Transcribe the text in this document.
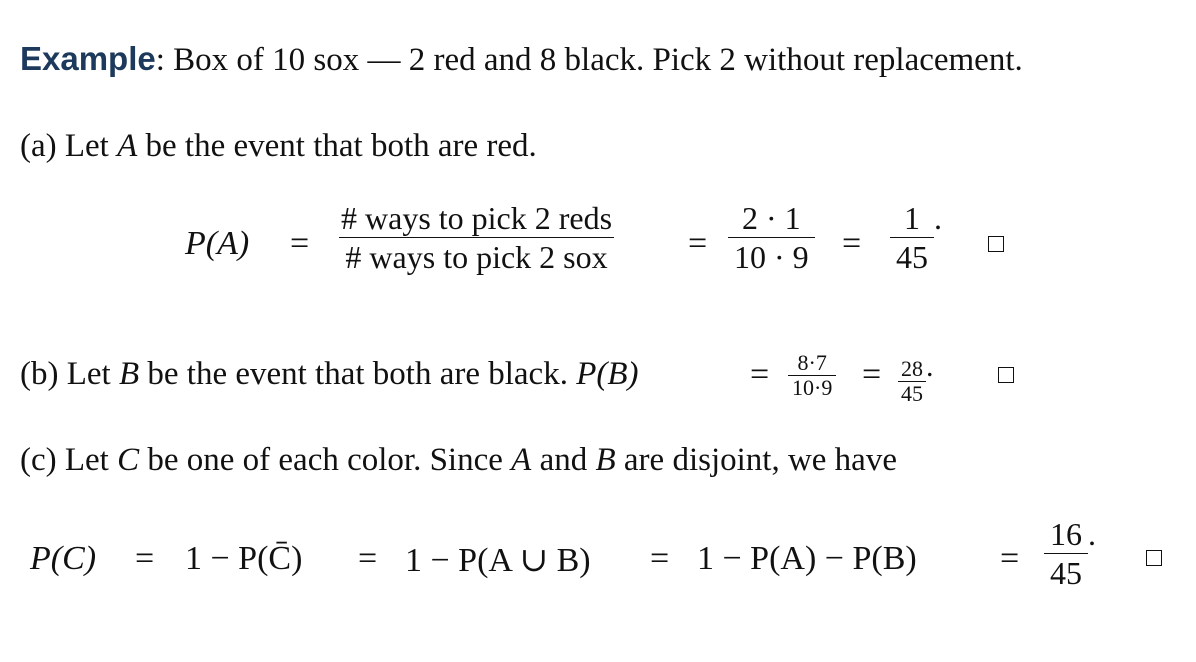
Example: Box of 10 sox — 2 red and 8 black. Pick 2 without replacement.
(a) Let A be the event that both are red.
$P(A) = \frac{\text{\# ways to pick 2 reds}}{\text{\# ways to pick 2 sox}} = \frac{2 \cdot 1}{10 \cdot 9} = \frac{1}{45}$ .
(b) Let B be the event that both are black. P(B)	= $\frac{8\cdot 7}{10\cdot 9} = \frac{28}{45}$ .
(c) Let C be one of each color. Since A and B are disjoint, we have
P(C) = 1 − P(C̄) = 1 − P(A ∪ $B) = 1 - P(A) - P(B) = \frac{16}{45}$ .
